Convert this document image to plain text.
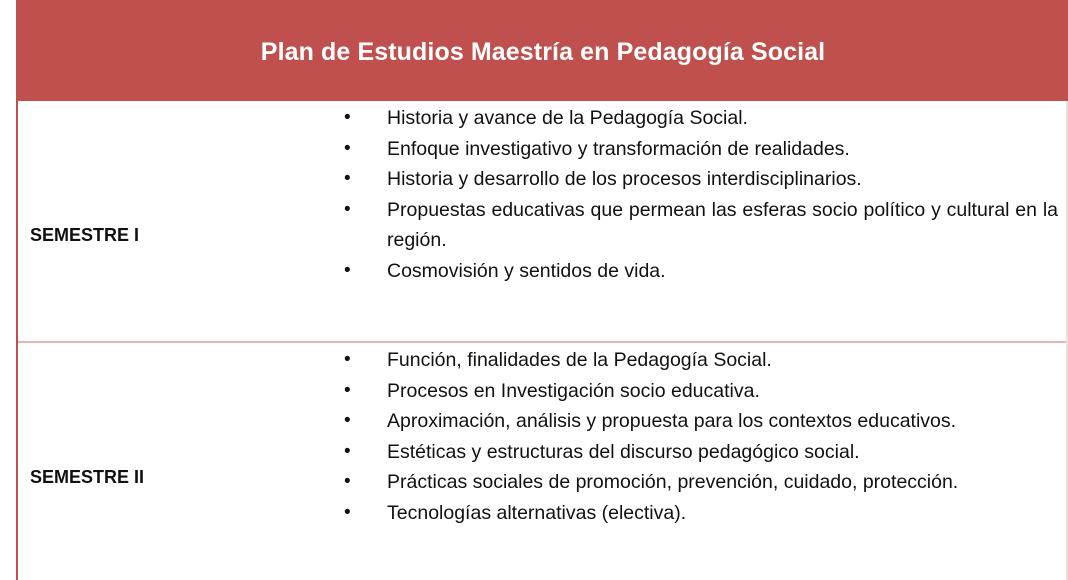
Plan de Estudios Maestría en Pedagogía Social
SEMESTRE I
• Historia y avance de la Pedagogía Social.
• Enfoque investigativo y transformación de realidades.
• Historia y desarrollo de los procesos interdisciplinarios.
• Propuestas educativas que permean las esferas socio político y cultural en la región.
• Cosmovisión y sentidos de vida.
SEMESTRE II
• Función, finalidades de la Pedagogía Social.
• Procesos en Investigación socio educativa.
• Aproximación, análisis y propuesta para los contextos educativos.
• Estéticas y estructuras del discurso pedagógico social.
• Prácticas sociales de promoción, prevención, cuidado, protección.
• Tecnologías alternativas (electiva).
